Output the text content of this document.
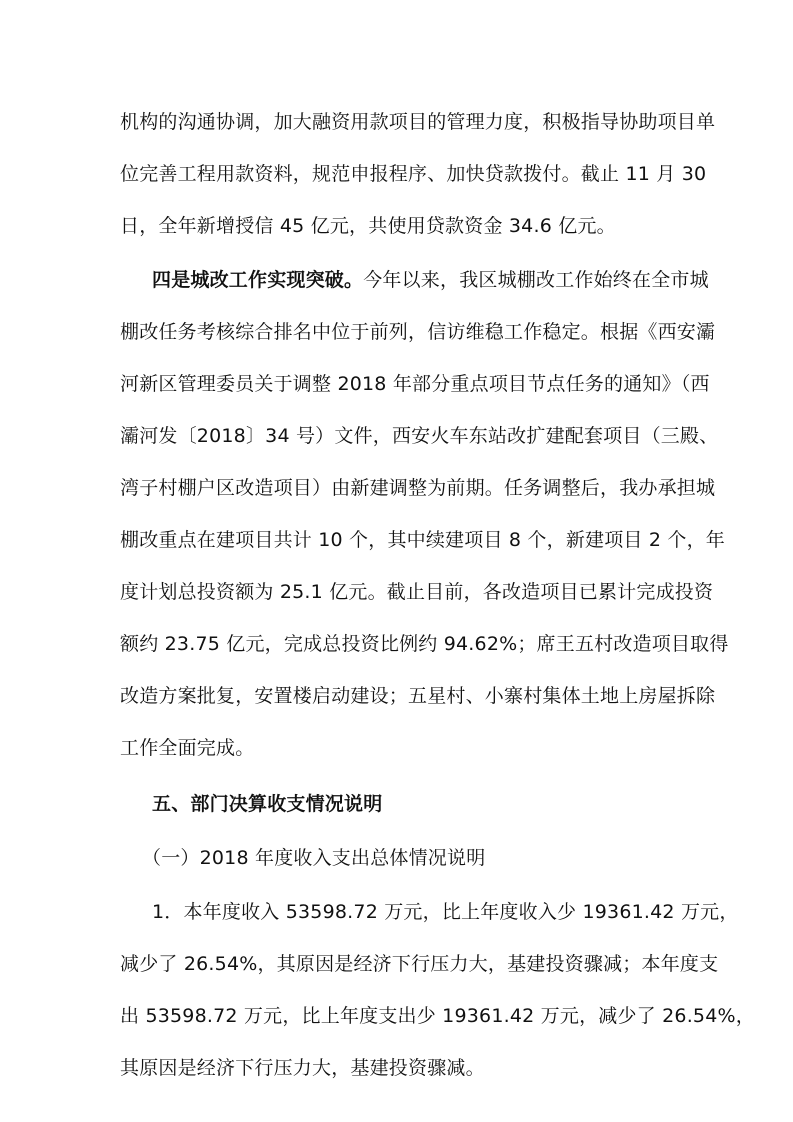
机构的沟通协调，加大融资用款项目的管理力度，积极指导协助项目单
位完善工程用款资料，规范申报程序、加快贷款拨付。截止 11 月 30
日，全年新增授信 45 亿元，共使用贷款资金 34.6 亿元。
四是城改工作实现突破。今年以来，我区城棚改工作始终在全市城
棚改任务考核综合排名中位于前列，信访维稳工作稳定。根据《西安灞
河新区管理委员关于调整 2018 年部分重点项目节点任务的通知》（西
灞河发〔2018〕34 号）文件，西安火车东站改扩建配套项目（三殿、
湾子村棚户区改造项目）由新建调整为前期。任务调整后，我办承担城
棚改重点在建项目共计 10 个，其中续建项目 8 个，新建项目 2 个，年
度计划总投资额为 25.1 亿元。截止目前，各改造项目已累计完成投资
额约 23.75 亿元，完成总投资比例约 94.62%；席王五村改造项目取得
改造方案批复，安置楼启动建设；五星村、小寨村集体土地上房屋拆除
工作全面完成。
五、部门决算收支情况说明
（一）2018 年度收入支出总体情况说明
1．本年度收入 53598.72 万元，比上年度收入少 19361.42 万元，
减少了 26.54%，其原因是经济下行压力大，基建投资骤减；本年度支
出 53598.72 万元，比上年度支出少 19361.42 万元，减少了 26.54%，
其原因是经济下行压力大，基建投资骤减。
